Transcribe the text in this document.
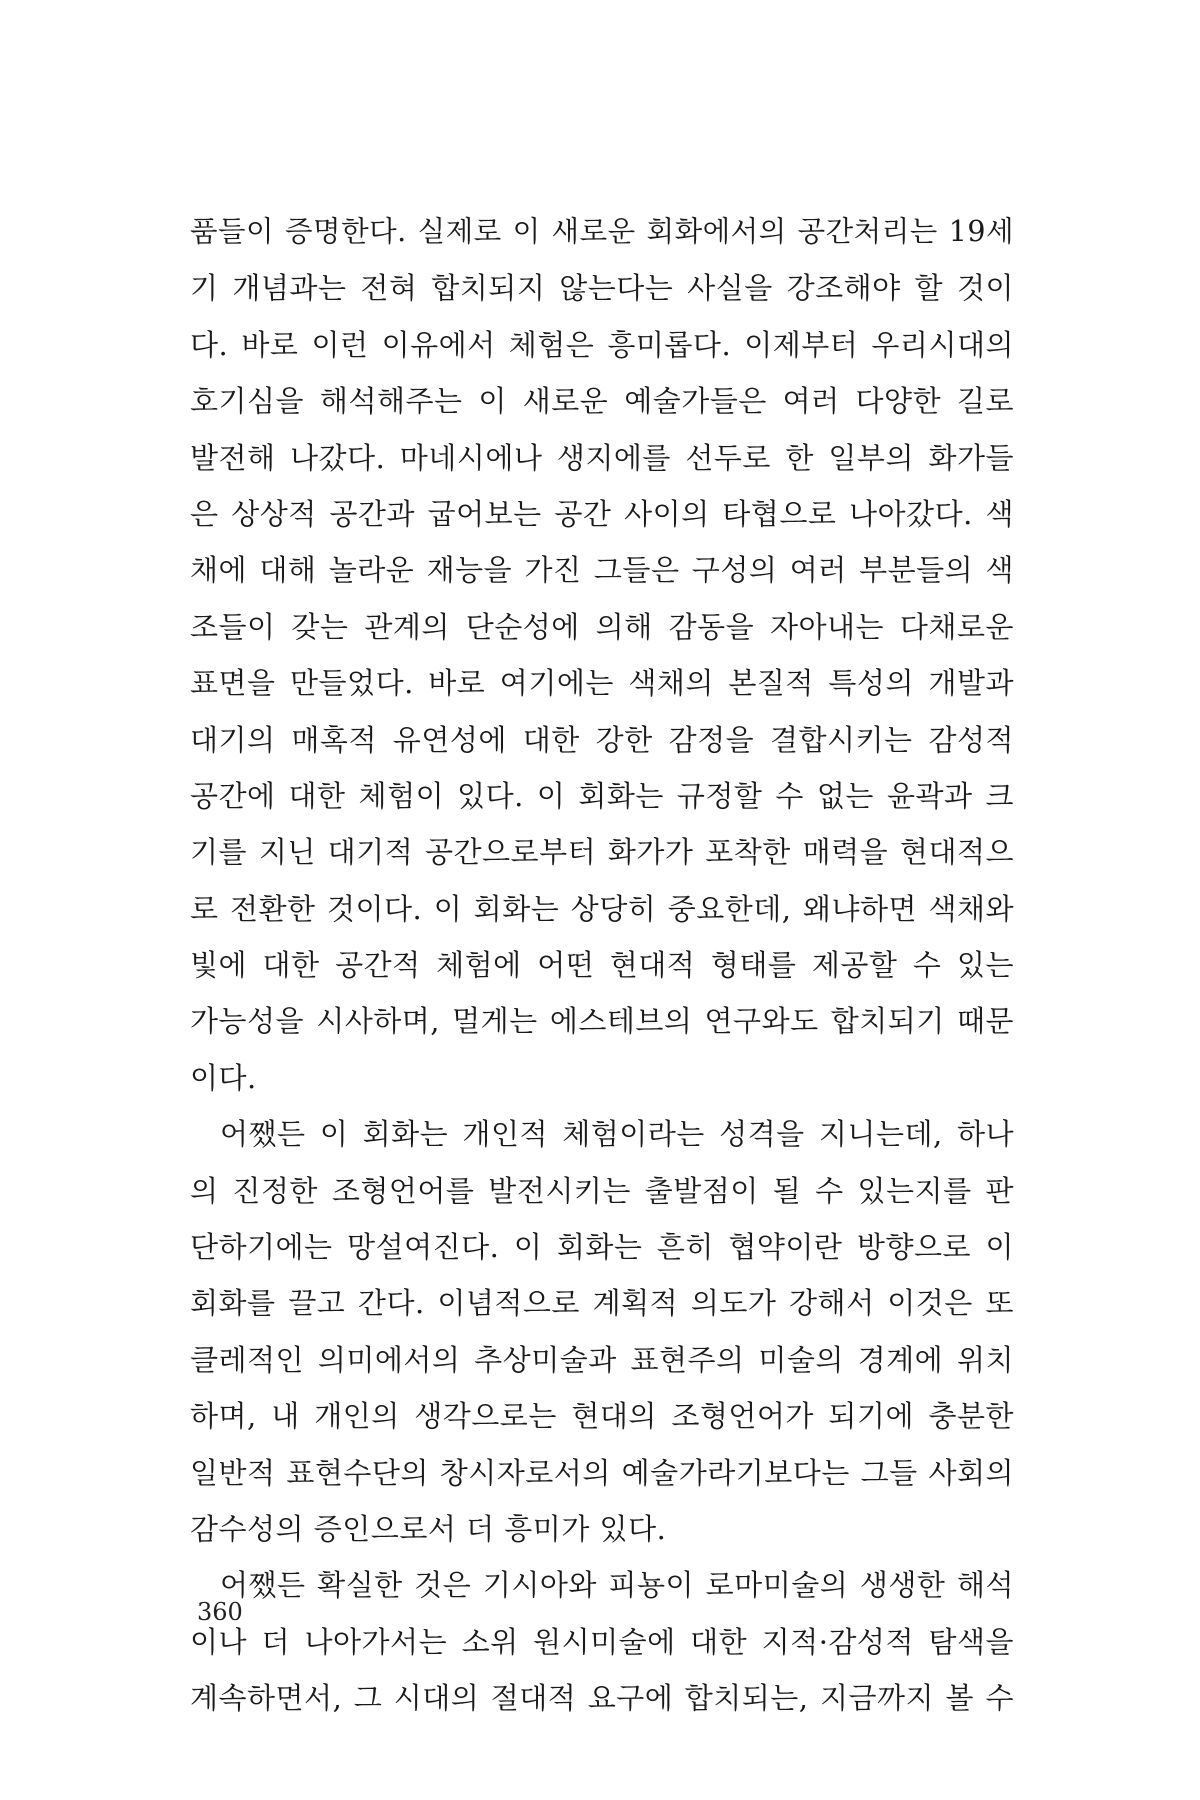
품들이 증명한다. 실제로 이 새로운 회화에서의 공간처리는 19세
기 개념과는 전혀 합치되지 않는다는 사실을 강조해야 할 것이
다. 바로 이런 이유에서 체험은 흥미롭다. 이제부터 우리시대의
호기심을 해석해주는 이 새로운 예술가들은 여러 다양한 길로
발전해 나갔다. 마네시에나 생지에를 선두로 한 일부의 화가들
은 상상적 공간과 굽어보는 공간 사이의 타협으로 나아갔다. 색
채에 대해 놀라운 재능을 가진 그들은 구성의 여러 부분들의 색
조들이 갖는 관계의 단순성에 의해 감동을 자아내는 다채로운
표면을 만들었다. 바로 여기에는 색채의 본질적 특성의 개발과
대기의 매혹적 유연성에 대한 강한 감정을 결합시키는 감성적
공간에 대한 체험이 있다. 이 회화는 규정할 수 없는 윤곽과 크
기를 지닌 대기적 공간으로부터 화가가 포착한 매력을 현대적으
로 전환한 것이다. 이 회화는 상당히 중요한데, 왜냐하면 색채와
빛에 대한 공간적 체험에 어떤 현대적 형태를 제공할 수 있는
가능성을 시사하며, 멀게는 에스테브의 연구와도 합치되기 때문
이다.
어쨌든 이 회화는 개인적 체험이라는 성격을 지니는데, 하나
의 진정한 조형언어를 발전시키는 출발점이 될 수 있는지를 판
단하기에는 망설여진다. 이 회화는 흔히 협약이란 방향으로 이
회화를 끌고 간다. 이념적으로 계획적 의도가 강해서 이것은 또
클레적인 의미에서의 추상미술과 표현주의 미술의 경계에 위치
하며, 내 개인의 생각으로는 현대의 조형언어가 되기에 충분한
일반적 표현수단의 창시자로서의 예술가라기보다는 그들 사회의
감수성의 증인으로서 더 흥미가 있다.
어쨌든 확실한 것은 기시아와 피뇽이 로마미술의 생생한 해석
이나 더 나아가서는 소위 원시미술에 대한 지적·감성적 탐색을
계속하면서, 그 시대의 절대적 요구에 합치되는, 지금까지 볼 수
360
